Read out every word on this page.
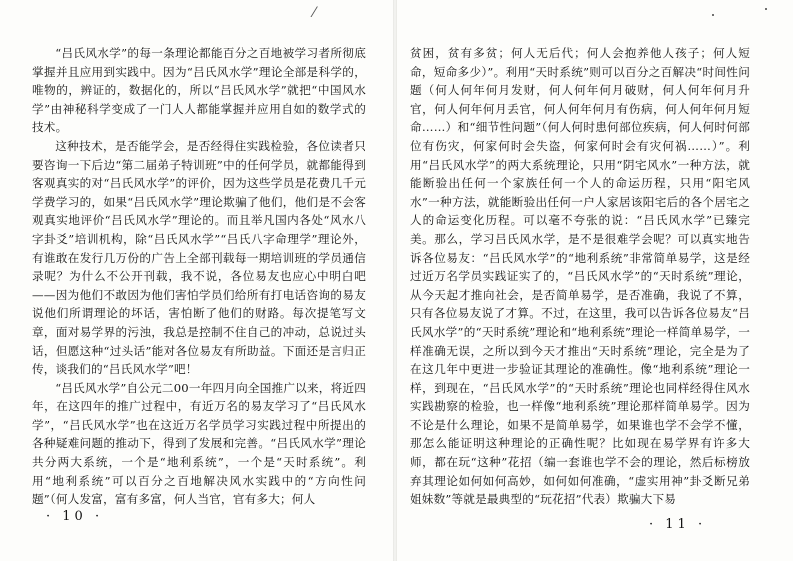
“吕氏风水学”的每一条理论都能百分之百地被学习者所彻底掌握并且应用到实践中。因为“吕氏风水学”理论全部是科学的，唯物的，辨证的，数据化的，所以“吕氏风水学”就把“中国风水学”由神秘科学变成了一门人人都能掌握并应用自如的数学式的技术。

这种技术，是否能学会，是否经得住实践检验，各位读者只要咨询一下后边“第二届弟子特训班”中的任何学员，就都能得到客观真实的对“吕氏风水学”的评价，因为这些学员是花费几千元学费学习的，如果“吕氏风水学”理论欺骗了他们，他们是不会客观真实地评价“吕氏风水学”理论的。而且举凡国内各处“风水八字卦爻”培训机构，除“吕氏风水学”“吕氏八字命理学”理论外，有谁敢在发行几万份的广告上全部刊载每一期培训班的学员通信录呢？为什么不公开刊载，我不说，各位易友也应心中明白吧——因为他们不敢因为他们害怕学员们给所有打电话咨询的易友说他们所谓理论的坏话，害怕断了他们的财路。每次提笔写文章，面对易学界的污浊，我总是控制不住自己的冲动，总说过头话，但愿这种“过头话”能对各位易友有所助益。下面还是言归正传，谈我们的“吕氏风水学”吧！

“吕氏风水学”自公元二00一年四月向全国推广以来，将近四年，在这四年的推广过程中，有近万名的易友学习了“吕氏风水学”，“吕氏风水学”也在这近万名学员学习实践过程中所提出的各种疑难问题的推动下，得到了发展和完善。“吕氏风水学”理论共分两大系统，一个是“地利系统”，一个是“天时系统”。利用“地利系统”可以百分之百地解决风水实践中的“方向性问题”（何人发富，富有多富，何人当官，官有多大；何人

· 10 ·

贫困，贫有多贫；何人无后代；何人会抱养他人孩子；何人短命，短命多少）”。利用“天时系统”则可以百分之百解决“时间性问题（何人何年何月发财，何人何年何月破财，何人何年何月升官，何人何年何月丢官，何人何年何月有伤病，何人何年何月短命……）和“细节性问题”（何人何时患何部位疾病，何人何时何部位有伤灾，何家何时会失盗，何家何时会有灾何祸……）”。利用“吕氏风水学”的两大系统理论，只用“阴宅风水”一种方法，就能断验出任何一个家族任何一个人的命运历程，只用“阳宅风水”一种方法，就能断验出任何一户人家居该阳宅后的各个居宅之人的命运变化历程。可以毫不夸张的说：“吕氏风水学”已臻完美。那么，学习吕氏风水学，是不是很难学会呢？可以真实地告诉各位易友：“吕氏风水学”的“地利系统”非常简单易学，这是经过近万名学员实践证实了的，“吕氏风水学”的“天时系统”理论，从今天起才推向社会，是否简单易学，是否准确，我说了不算，只有各位易友说了才算。不过，在这里，我可以告诉各位易友“吕氏风水学”的“天时系统”理论和“地利系统”理论一样简单易学，一样准确无误，之所以到今天才推出“天时系统”理论，完全是为了在这几年中更进一步验证其理论的准确性。像“地利系统”理论一样，到现在，“吕氏风水学”的“天时系统”理论也同样经得住风水实践勘察的检验，也一样像“地利系统”理论那样简单易学。因为不论是什么理论，如果不是简单易学，如果谁也学不会学不懂，那怎么能证明这种理论的正确性呢？比如现在易学界有许多大师，都在玩“这种”花招（编一套谁也学不会的理论，然后标榜放弃其理论如何如何高妙，如何如何准确，“虚实用神”卦爻断兄弟姐妹数”等就是最典型的“玩花招”代表）欺骗大下易

· 11 ·
⁄
